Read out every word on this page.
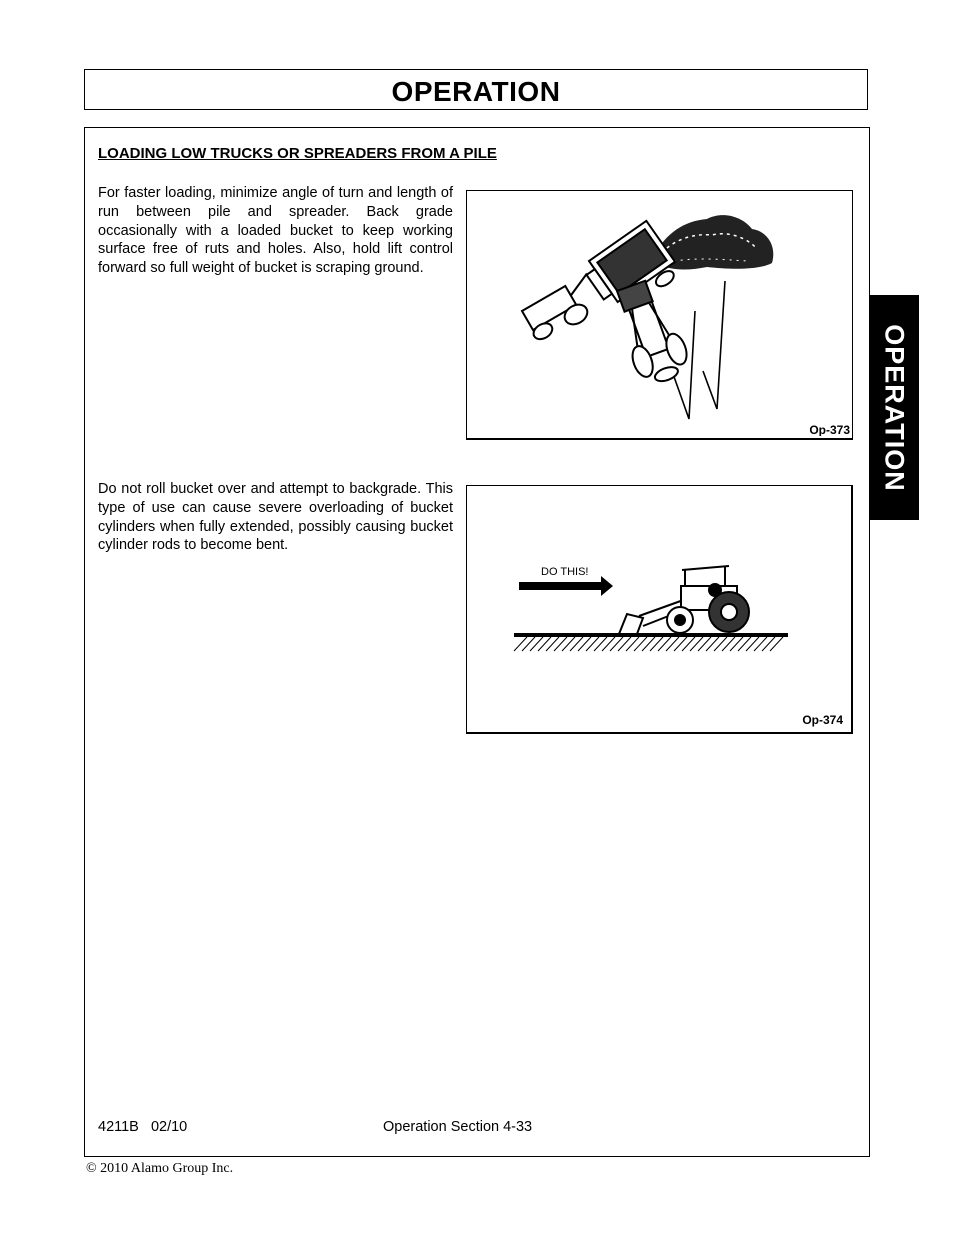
OPERATION
LOADING LOW TRUCKS OR SPREADERS FROM A PILE
For faster loading, minimize angle of turn and length of run between pile and spreader. Back grade occasionally with a loaded bucket to keep working surface free of ruts and holes. Also, hold lift control forward so full weight of bucket is scraping ground.
Do not roll bucket over and attempt to backgrade. This type of use can cause severe overloading of bucket cylinders when fully extended, possibly causing bucket cylinder rods to become bent.
Op-373
DO THIS!
Op-374
OPERATION
4211B   02/10	Operation Section 4-33
© 2010 Alamo Group Inc.
